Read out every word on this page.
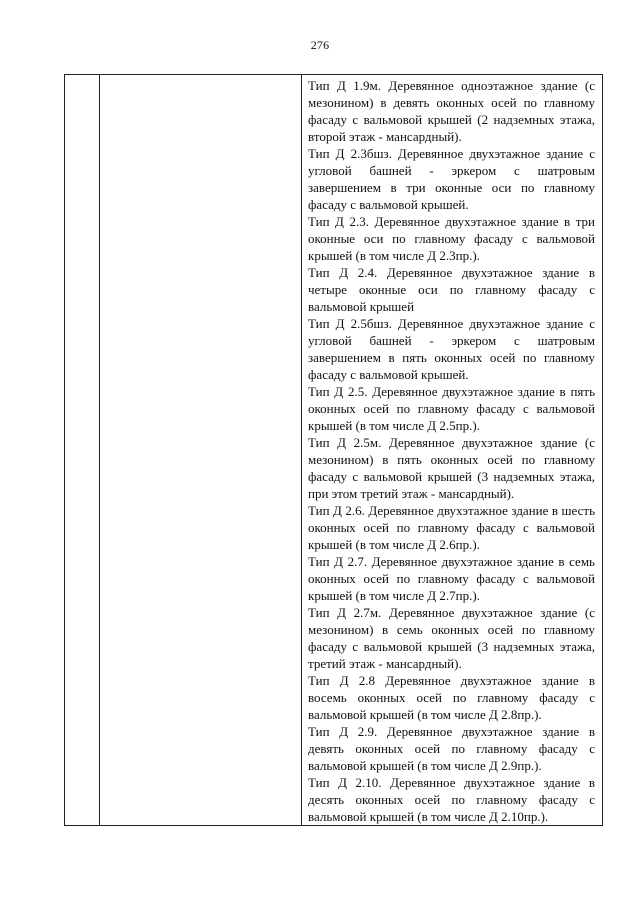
276

Тип Д 1.9м. Деревянное одноэтажное здание (с мезонином) в девять оконных осей по главному фасаду с вальмовой крышей (2 надземных этажа, второй этаж - мансардный).

Тип Д 2.3бшз. Деревянное двухэтажное здание с угловой башней - эркером с шатровым завершением в три оконные оси по главному фасаду с вальмовой крышей.

Тип Д 2.3. Деревянное двухэтажное здание в три оконные оси по главному фасаду с вальмовой крышей (в том числе Д 2.3пр.).

Тип Д 2.4. Деревянное двухэтажное здание в четыре оконные оси по главному фасаду с вальмовой крышей

Тип Д 2.5бшз. Деревянное двухэтажное здание с угловой башней - эркером с шатровым завершением в пять оконных осей по главному фасаду с вальмовой крышей.

Тип Д 2.5. Деревянное двухэтажное здание в пять оконных осей по главному фасаду с вальмовой крышей (в том числе Д 2.5пр.).

Тип Д 2.5м. Деревянное двухэтажное здание (с мезонином) в пять оконных осей по главному фасаду с вальмовой крышей (3 надземных этажа, при этом третий этаж - мансардный).

Тип Д 2.6. Деревянное двухэтажное здание в шесть оконных осей по главному фасаду с вальмовой крышей (в том числе Д 2.6пр.).

Тип Д 2.7. Деревянное двухэтажное здание в семь оконных осей по главному фасаду с вальмовой крышей (в том числе Д 2.7пр.).

Тип Д 2.7м. Деревянное двухэтажное здание (с мезонином) в семь оконных осей по главному фасаду с вальмовой крышей (3 надземных этажа, третий этаж - мансардный).

Тип Д 2.8 Деревянное двухэтажное здание в восемь оконных осей по главному фасаду с вальмовой крышей (в том числе Д 2.8пр.).

Тип Д 2.9. Деревянное двухэтажное здание в девять оконных осей по главному фасаду с вальмовой крышей (в том числе Д 2.9пр.).

Тип Д 2.10. Деревянное двухэтажное здание в десять оконных осей по главному фасаду с вальмовой крышей (в том числе Д 2.10пр.).
